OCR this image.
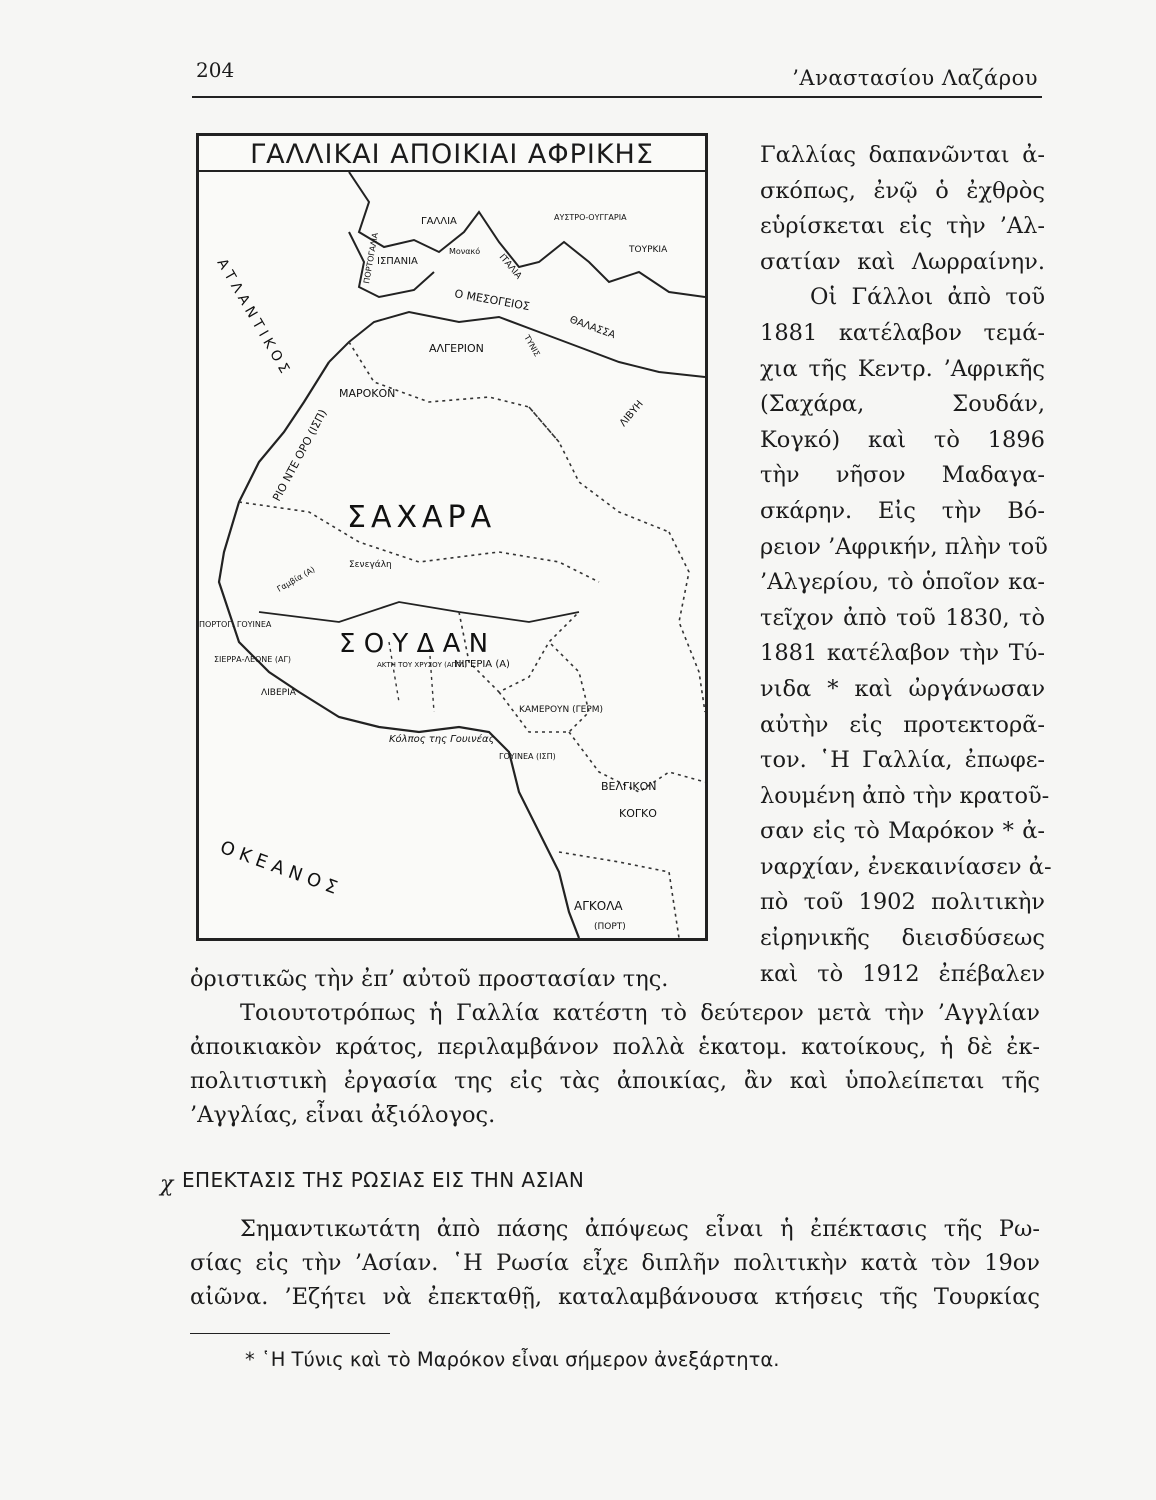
204	’Αναστασίου Λαζάρου
ΓΑΛΛΙΚΑΙ ΑΠΟΙΚΙΑΙ ΑΦΡΙΚΗΣ
ΓΑΛΛΙΑ	ΑΥΣΤΡΟ-ΟΥΓΓΑΡΙΑ
ΠΟΡΤΟΓΑΛΙΑ
ΙΣΠΑΝΙΑ
Μονακό
ΙΤΑΛΙΑ
ΤΟΥΡΚΙΑ
Ο ΜΕΣΟΓΕΙΟΣ
ΘΑΛΑΣΣΑ
ΑΛΓΕΡΙΟΝ	ΤΥΝΙΣ
ΜΑΡΟΚΟΝ
ΛΙΒΥΗ
ΡΙΟ ΝΤΕ ΟΡΟ (ΙΣΠ)
ΣΑΧΑΡΑ
Σενεγάλη
Γαμβία (Α)
ΠΟΡΤΟΓ. ΓΟΥΙΝΕΑ
ΣΙΕΡΡΑ-ΛΕΟΝΕ (ΑΓ)
ΛΙΒΕΡΙΑ
Σ Ο Υ Δ Α Ν
ΝΙΓΕΡΙΑ (Α)
ΑΚΤΗ ΤΟΥ ΧΡΥΣΟΥ (ΑΓΓΛ)
ΚΑΜΕΡΟΥΝ (ΓΕΡΜ)
Κόλπος της Γουινέας
ΓΟΥΙΝΕΑ (ΙΣΠ)
ΒΕΛΓΙΚΟΝ
ΚΟΓΚΟ
ΑΓΚΟΛΑ
(ΠΟΡΤ)
Ο Κ Ε Α Ν Ο Σ
Α Τ Λ Α Ν Τ Ι Κ Ο Σ
Γαλλίας δαπανῶνται ἀ-
σκόπως, ἐνῷ ὁ ἐχθρὸς
εὑρίσκεται εἰς τὴν ’Αλ-
σατίαν καὶ Λωρραίνην.
Οἱ Γάλλοι ἀπὸ τοῦ
1881 κατέλαβον τεμά-
χια τῆς Κεντρ. ’Αφρικῆς
(Σαχάρα, Σουδάν,
Κογκό) καὶ τὸ 1896
τὴν νῆσον Μαδαγα-
σκάρην. Εἰς τὴν Βό-
ρειον ’Αφρικήν, πλὴν τοῦ
’Αλγερίου, τὸ ὁποῖον κα-
τεῖχον ἀπὸ τοῦ 1830, τὸ
1881 κατέλαβον τὴν Τύ-
νιδα * καὶ ὠργάνωσαν
αὐτὴν εἰς προτεκτορᾶ-
τον. ῾Η Γαλλία, ἐπωφε-
λουμένη ἀπὸ τὴν κρατοῦ-
σαν εἰς τὸ Μαρόκον * ἀ-
ναρχίαν, ἐνεκαινίασεν ἀ-
πὸ τοῦ 1902 πολιτικὴν
εἰρηνικῆς διεισδύσεως
καὶ τὸ 1912 ἐπέβαλεν
ὁριστικῶς τὴν ἐπ’ αὐτοῦ προστασίαν της.
Τοιουτοτρόπως ἡ Γαλλία κατέστη τὸ δεύτερον μετὰ τὴν ’Αγγλίαν
ἀποικιακὸν κράτος, περιλαμβάνον πολλὰ ἑκατομ. κατοίκους, ἡ δὲ ἐκ-
πολιτιστικὴ ἐργασία της εἰς τὰς ἀποικίας, ἂν καὶ ὑπολείπεται τῆς
’Αγγλίας, εἶναι ἀξιόλογος.
χ ΕΠΕΚΤΑΣΙΣ ΤΗΣ ΡΩΣΙΑΣ ΕΙΣ ΤΗΝ ΑΣΙΑΝ
Σημαντικωτάτη ἀπὸ πάσης ἀπόψεως εἶναι ἡ ἐπέκτασις τῆς Ρω-
σίας εἰς τὴν ’Ασίαν. ῾Η Ρωσία εἶχε διπλῆν πολιτικὴν κατὰ τὸν 19ον
αἰῶνα. ’Εζήτει νὰ ἐπεκταθῇ, καταλαμβάνουσα κτήσεις τῆς Τουρκίας
* ῾Η Τύνις καὶ τὸ Μαρόκον εἶναι σήμερον ἀνεξάρτητα.
